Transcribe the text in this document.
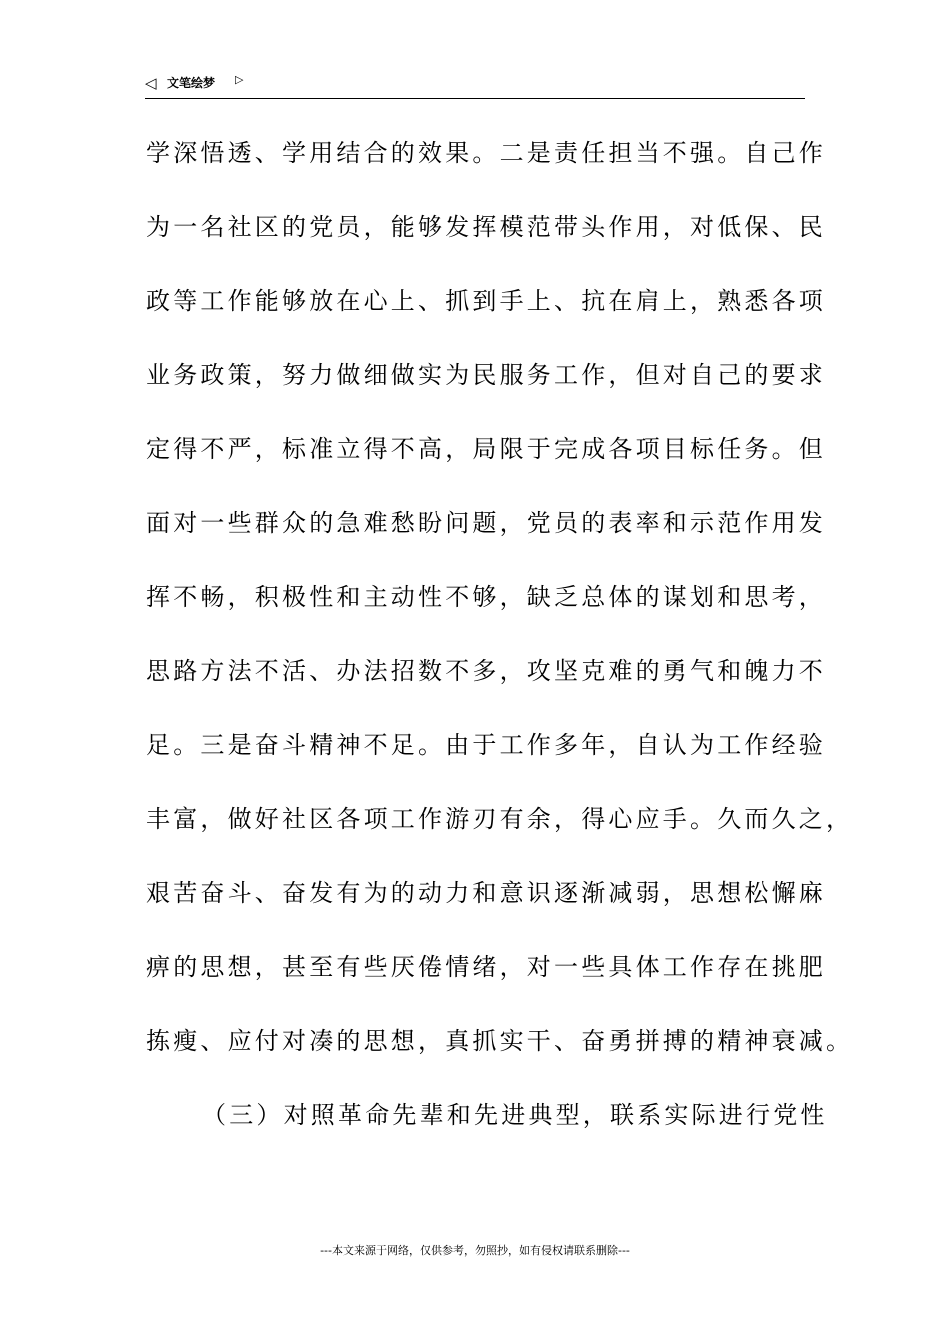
◁ 文笔绘梦 ▷
学深悟透、学用结合的效果。二是责任担当不强。自己作
为一名社区的党员，能够发挥模范带头作用，对低保、民
政等工作能够放在心上、抓到手上、抗在肩上，熟悉各项
业务政策，努力做细做实为民服务工作，但对自己的要求
定得不严，标准立得不高，局限于完成各项目标任务。但
面对一些群众的急难愁盼问题，党员的表率和示范作用发
挥不畅，积极性和主动性不够，缺乏总体的谋划和思考，
思路方法不活、办法招数不多，攻坚克难的勇气和魄力不
足。三是奋斗精神不足。由于工作多年，自认为工作经验
丰富，做好社区各项工作游刃有余，得心应手。久而久之，
艰苦奋斗、奋发有为的动力和意识逐渐减弱，思想松懈麻
痹的思想，甚至有些厌倦情绪，对一些具体工作存在挑肥
拣瘦、应付对凑的思想，真抓实干、奋勇拼搏的精神衰减。
（三）对照革命先辈和先进典型，联系实际进行党性
---本文来源于网络，仅供参考，勿照抄，如有侵权请联系删除---
